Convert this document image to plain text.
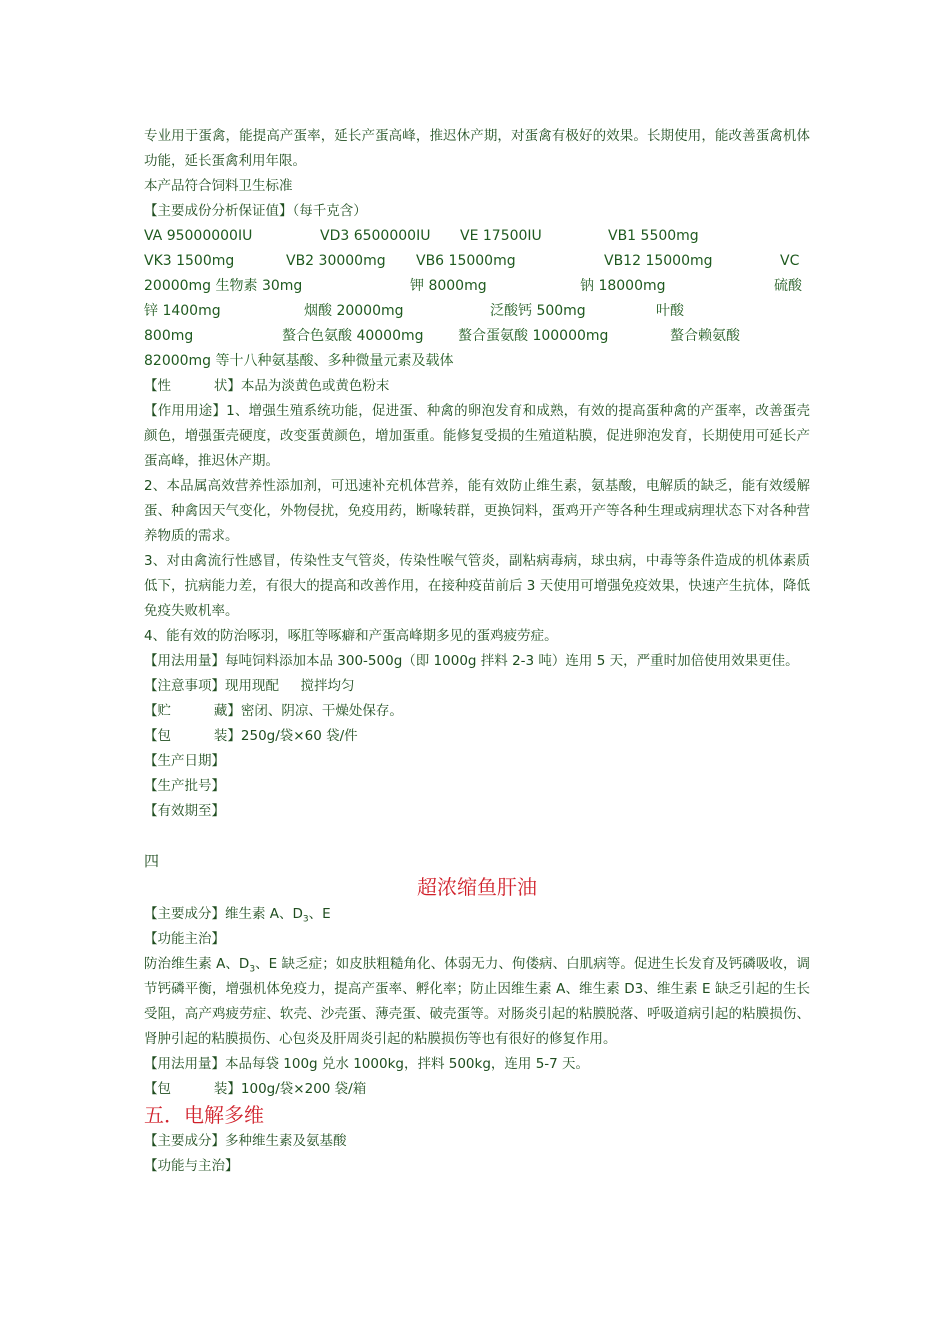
专业用于蛋禽，能提高产蛋率，延长产蛋高峰，推迟休产期，对蛋禽有极好的效果。长期使用，能改善蛋禽机体功能，延长蛋禽利用年限。
本产品符合饲料卫生标准
【主要成份分析保证值】（每千克含）
VA 95000000IU	VD3 6500000IU VE 17500IU	VB1 5500mg
VK3 1500mg	VB2 30000mg VB6 15000mg	VB12 15000mg	VC
20000mg 生物素 30mg	钾 8000mg	钠 18000mg	硫酸
锌 1400mg	烟酸 20000mg	泛酸钙 500mg	叶酸
800mg	螯合色氨酸 40000mg 螯合蛋氨酸 100000mg	螯合赖氨酸
82000mg 等十八种氨基酸、多种微量元素及载体
【性          状】本品为淡黄色或黄色粉末
【作用用途】1、增强生殖系统功能，促进蛋、种禽的卵泡发育和成熟，有效的提高蛋种禽的产蛋率，改善蛋壳颜色，增强蛋壳硬度，改变蛋黄颜色，增加蛋重。能修复受损的生殖道粘膜，促进卵泡发育，长期使用可延长产蛋高峰，推迟休产期。
2、本品属高效营养性添加剂，可迅速补充机体营养，能有效防止维生素，氨基酸，电解质的缺乏，能有效缓解蛋、种禽因天气变化，外物侵扰，免疫用药，断喙转群，更换饲料，蛋鸡开产等各种生理或病理状态下对各种营养物质的需求。
3、对由禽流行性感冒，传染性支气管炎，传染性喉气管炎，副粘病毒病，球虫病，中毒等条件造成的机体素质低下，抗病能力差，有很大的提高和改善作用，在接种疫苗前后 3 天使用可增强免疫效果，快速产生抗体，降低免疫失败机率。
4、能有效的防治啄羽，啄肛等啄癖和产蛋高峰期多见的蛋鸡疲劳症。
【用法用量】每吨饲料添加本品 300-500g（即 1000g 拌料 2-3 吨）连用 5 天，严重时加倍使用效果更佳。
【注意事项】现用现配     搅拌均匀
【贮          藏】密闭、阴凉、干燥处保存。
【包          装】250g/袋×60 袋/件
【生产日期】
【生产批号】
【有效期至】
四
超浓缩鱼肝油
【主要成分】维生素 A、$D_3$、E
【功能主治】
防治维生素 A、$D_3$、E 缺乏症；如皮肤粗糙角化、体弱无力、佝偻病、白肌病等。促进生长发育及钙磷吸收，调节钙磷平衡，增强机体免疫力，提高产蛋率、孵化率；防止因维生素 A、维生素 D3、维生素 E 缺乏引起的生长受阻，高产鸡疲劳症、软壳、沙壳蛋、薄壳蛋、破壳蛋等。对肠炎引起的粘膜脱落、呼吸道病引起的粘膜损伤、肾肿引起的粘膜损伤、心包炎及肝周炎引起的粘膜损伤等也有很好的修复作用。
【用法用量】本品每袋 100g 兑水 1000kg，拌料 500kg，连用 5-7 天。
【包          装】100g/袋×200 袋/箱
五．电解多维
【主要成分】多种维生素及氨基酸
【功能与主治】
